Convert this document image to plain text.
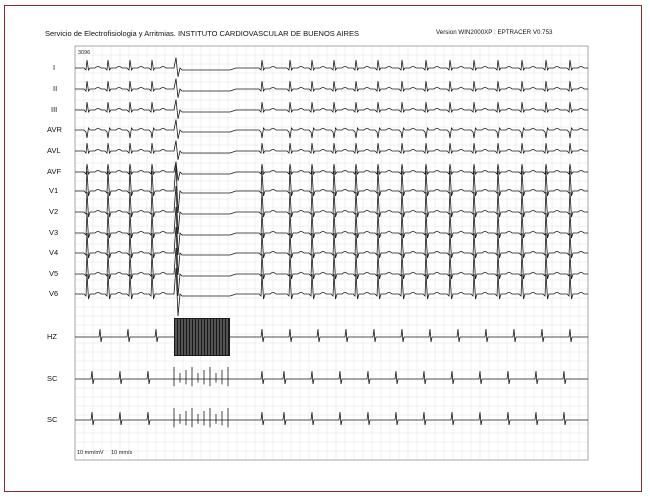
Servicio de Electrofisiologia y Arritmias. INSTITUTO CARDIOVASCULAR DE BUENOS AIRES	Version WIN2000XP : EPTRACER V0.753
3096
I
II
III
AVR
AVL
AVF
V1
V2
V3
V4
V5
V6
HZ
SC
SC
10 mm/mV 10 mm/s
